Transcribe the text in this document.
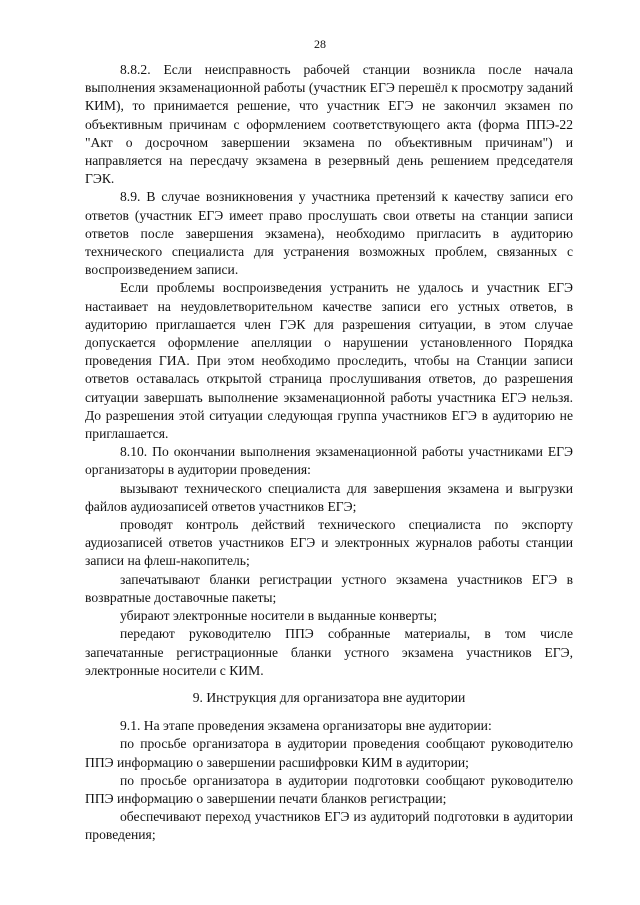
28

8.8.2. Если неисправность рабочей станции возникла после начала выполнения экзаменационной работы (участник ЕГЭ перешёл к просмотру заданий КИМ), то принимается решение, что участник ЕГЭ не закончил экзамен по объективным причинам с оформлением соответствующего акта (форма ППЭ-22 "Акт о досрочном завершении экзамена по объективным причинам") и направляется на пересдачу экзамена в резервный день решением председателя ГЭК.

8.9. В случае возникновения у участника претензий к качеству записи его ответов (участник ЕГЭ имеет право прослушать свои ответы на станции записи ответов после завершения экзамена), необходимо пригласить в аудиторию технического специалиста для устранения возможных проблем, связанных с воспроизведением записи.

Если проблемы воспроизведения устранить не удалось и участник ЕГЭ настаивает на неудовлетворительном качестве записи его устных ответов, в аудиторию приглашается член ГЭК для разрешения ситуации, в этом случае допускается оформление апелляции о нарушении установленного Порядка проведения ГИА. При этом необходимо проследить, чтобы на Станции записи ответов оставалась открытой страница прослушивания ответов, до разрешения ситуации завершать выполнение экзаменационной работы участника ЕГЭ нельзя. До разрешения этой ситуации следующая группа участников ЕГЭ в аудиторию не приглашается.

8.10. По окончании выполнения экзаменационной работы участниками ЕГЭ организаторы в аудитории проведения:

вызывают технического специалиста для завершения экзамена и выгрузки файлов аудиозаписей ответов участников ЕГЭ;

проводят контроль действий технического специалиста по экспорту аудиозаписей ответов участников ЕГЭ и электронных журналов работы станции записи на флеш-накопитель;

запечатывают бланки регистрации устного экзамена участников ЕГЭ в возвратные доставочные пакеты;

убирают электронные носители в выданные конверты;

передают руководителю ППЭ собранные материалы, в том числе запечатанные регистрационные бланки устного экзамена участников ЕГЭ, электронные носители с КИМ.

9. Инструкция для организатора вне аудитории

9.1. На этапе проведения экзамена организаторы вне аудитории:

по просьбе организатора в аудитории проведения сообщают руководителю ППЭ информацию о завершении расшифровки КИМ в аудитории;

по просьбе организатора в аудитории подготовки сообщают руководителю ППЭ информацию о завершении печати бланков регистрации;

обеспечивают переход участников ЕГЭ из аудиторий подготовки в аудитории проведения;
